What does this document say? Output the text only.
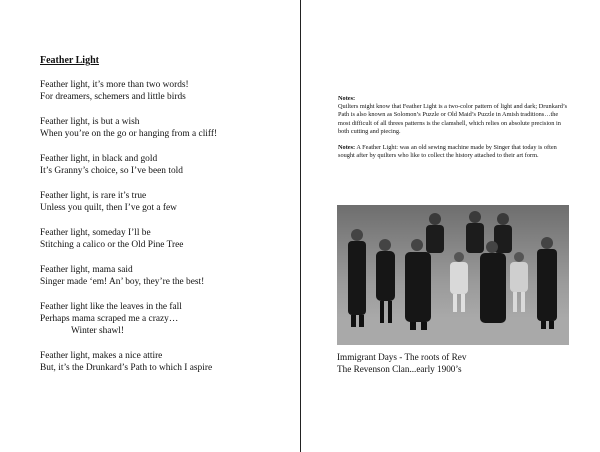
Feather Light
Feather light, it’s more than two words!
For dreamers, schemers and little birds
Feather light, is but a wish
When you’re on the go or hanging from a cliff!
Feather light, in black and gold
It’s Granny’s choice, so I’ve been told
Feather light, is rare it’s true
Unless you quilt, then I’ve got a few
Feather light, someday I’ll be
Stitching a calico or the Old Pine Tree
Feather light, mama said
Singer made ‘em! An’ boy, they’re the best!
Feather light like the leaves in the fall
Perhaps mama scraped me a crazy…
Winter shawl!
Feather light, makes a nice attire
But, it’s the Drunkard’s Path to which I aspire

Notes:
Quilters might know that Feather Light is a two-color pattern of light and dark; Drunkard’s Path is also known as Solomon’s Puzzle or Old Maid’s Puzzle in Amish traditions…the most difficult of all threes patterns is the clamshell, which relies on absolute precision in both cutting and piecing.

Notes: A Feather Light: was an old sewing machine made by Singer that today is often sought after by quilters who like to collect the history attached to their art form.

Immigrant Days - The roots of Rev
The Revenson Clan...early 1900’s
